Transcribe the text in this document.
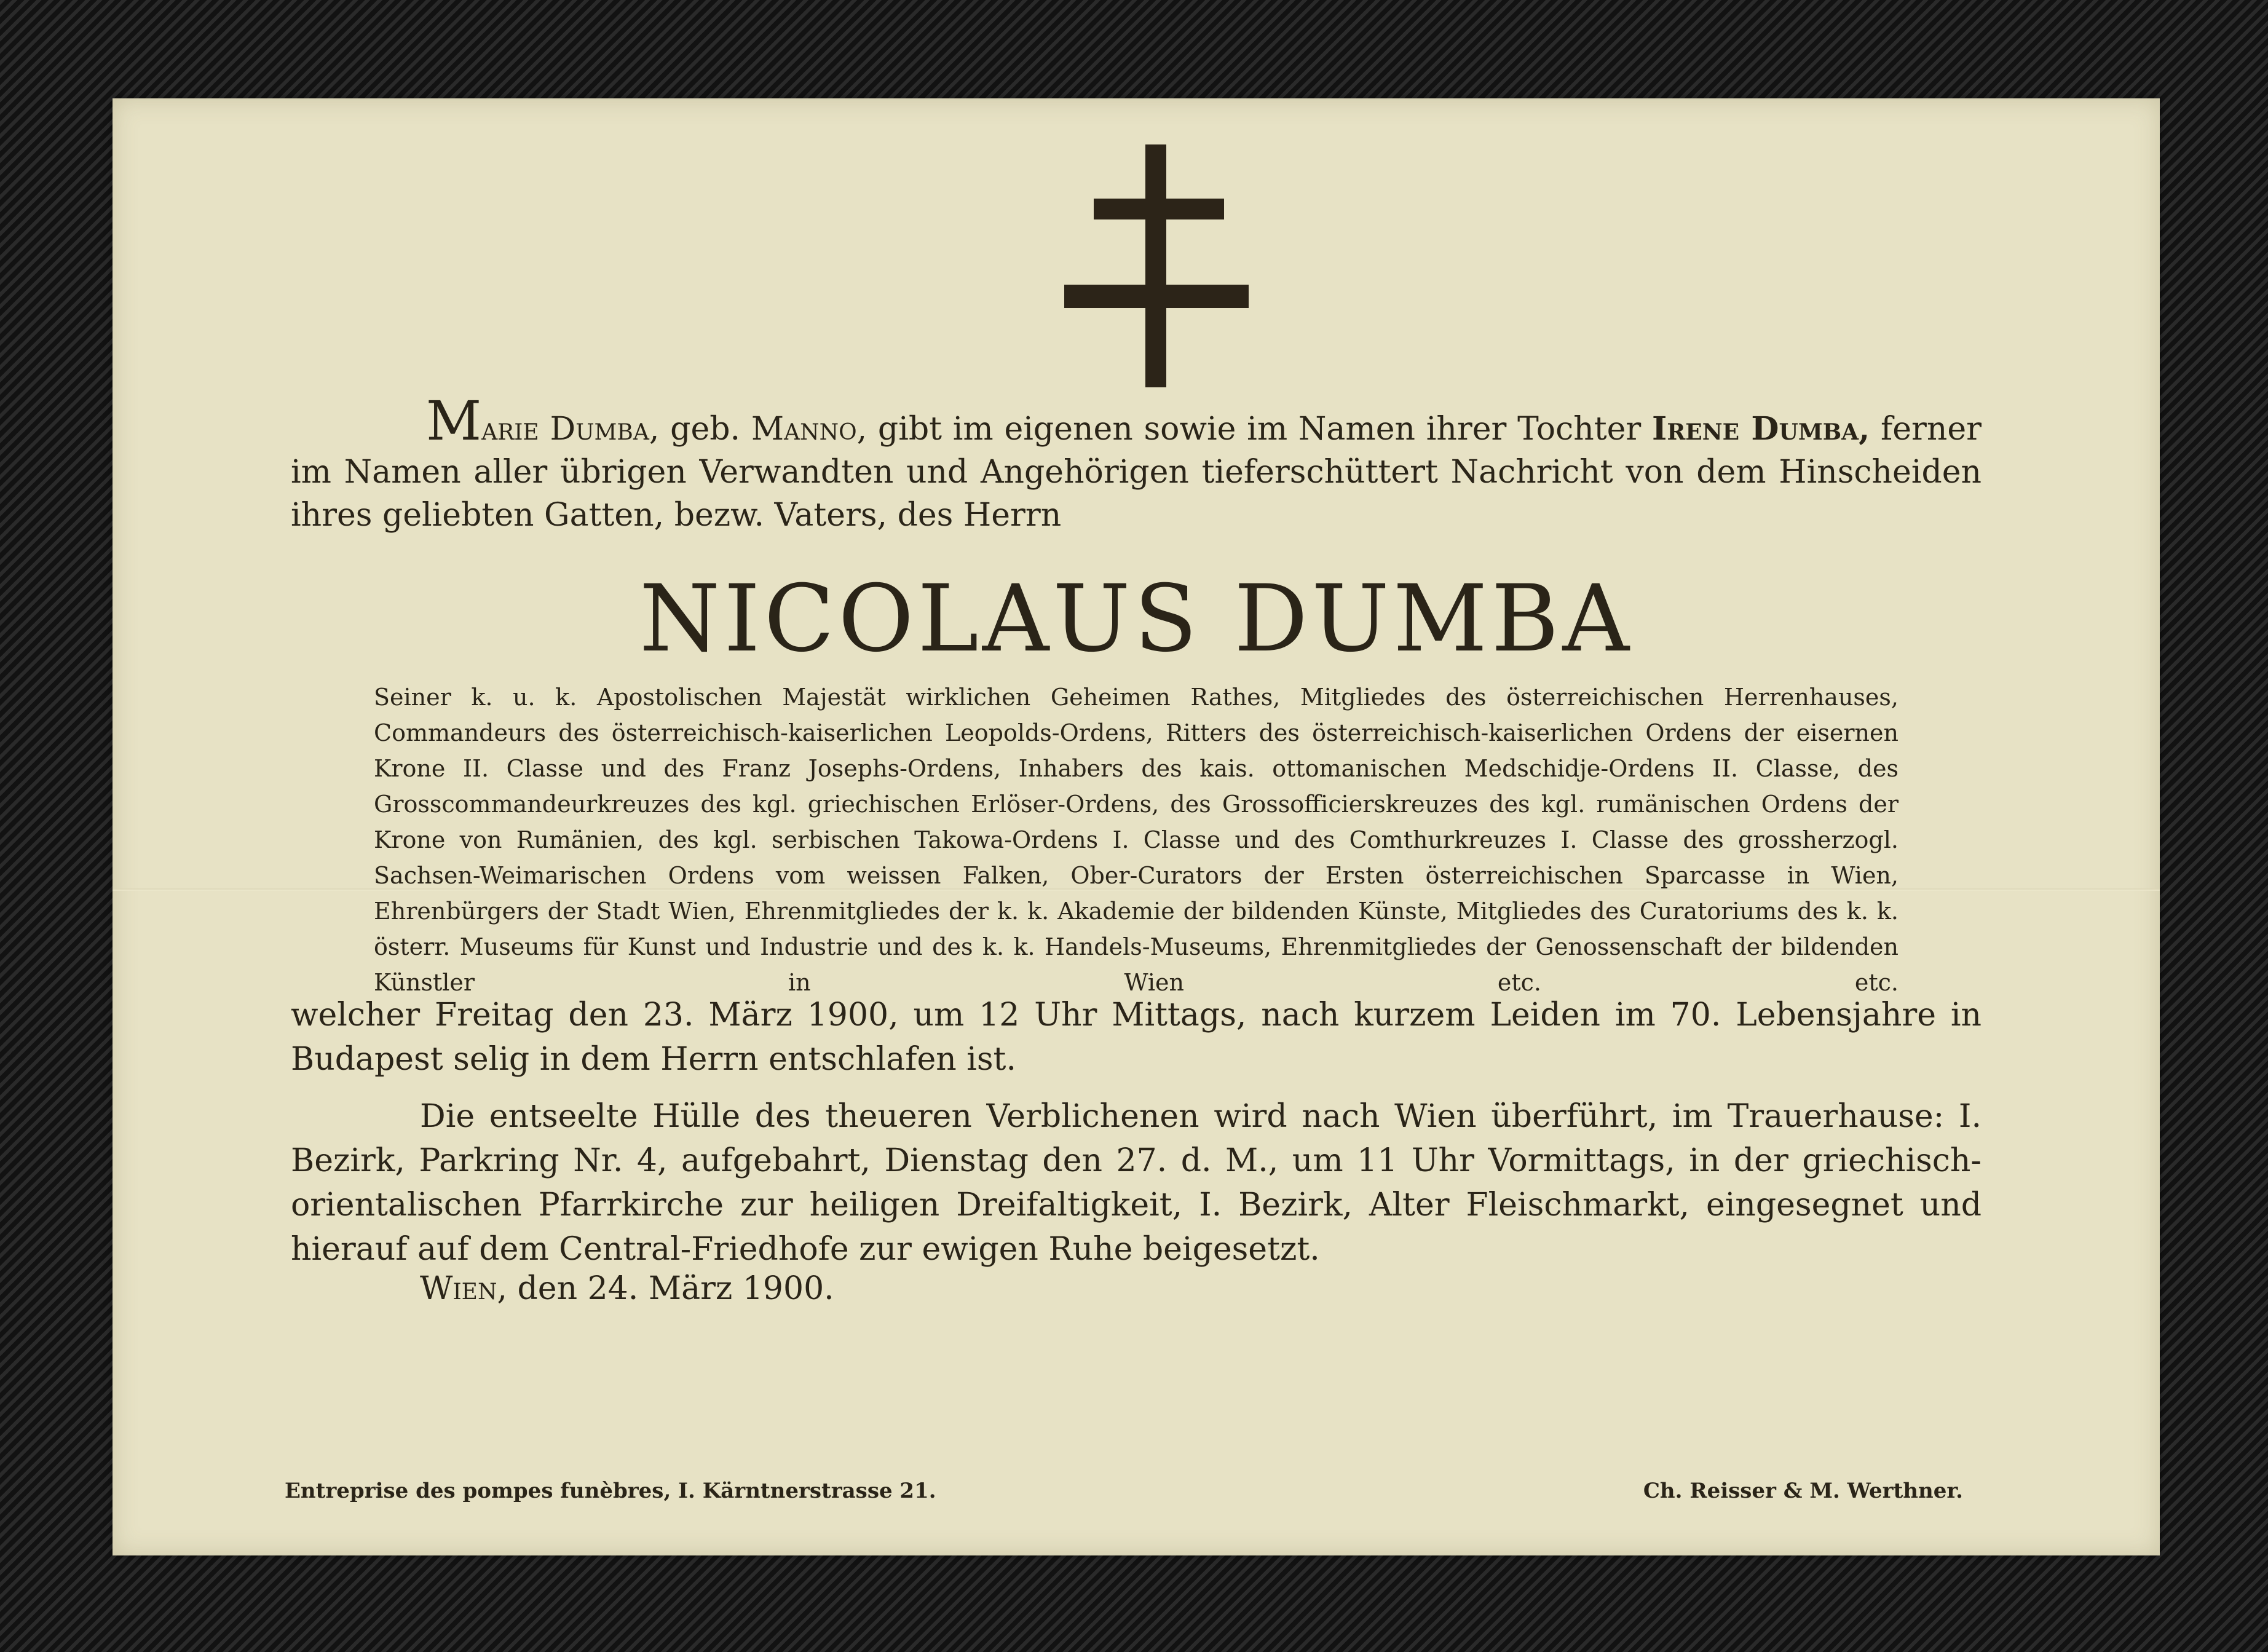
Marie Dumba, geb. Manno, gibt im eigenen sowie im Namen ihrer Tochter Irene Dumba, ferner im Namen aller übrigen Verwandten und Angehörigen tieferschüttert Nachricht von dem Hinscheiden ihres geliebten Gatten, bezw. Vaters, des Herrn
NICOLAUS DUMBA
Seiner k. u. k. Apostolischen Majestät wirklichen Geheimen Rathes, Mitgliedes des österreichischen Herrenhauses, Commandeurs des österreichisch-kaiserlichen Leopolds-Ordens, Ritters des österreichisch-kaiserlichen Ordens der eisernen Krone II. Classe und des Franz Josephs-Ordens, Inhabers des kais. ottomanischen Medschidje-Ordens II. Classe, des Grosscommandeurkreuzes des kgl. griechischen Erlöser-Ordens, des Grossofficierskreuzes des kgl. rumänischen Ordens der Krone von Rumänien, des kgl. serbischen Takowa-Ordens I. Classe und des Comthurkreuzes I. Classe des grossherzogl. Sachsen-Weimarischen Ordens vom weissen Falken, Ober-Curators der Ersten österreichischen Sparcasse in Wien, Ehrenbürgers der Stadt Wien, Ehrenmitgliedes der k. k. Akademie der bildenden Künste, Mitgliedes des Curatoriums des k. k. österr. Museums für Kunst und Industrie und des k. k. Handels-Museums, Ehrenmitgliedes der Genossenschaft der bildenden Künstler in Wien etc. etc.
welcher Freitag den 23. März 1900, um 12 Uhr Mittags, nach kurzem Leiden im 70. Lebensjahre in Budapest selig in dem Herrn entschlafen ist.
Die entseelte Hülle des theueren Verblichenen wird nach Wien überführt, im Trauerhause: I. Bezirk, Parkring Nr. 4, aufgebahrt, Dienstag den 27. d. M., um 11 Uhr Vormittags, in der griechisch-orientalischen Pfarrkirche zur heiligen Dreifaltigkeit, I. Bezirk, Alter Fleischmarkt, eingesegnet und hierauf auf dem Central-Friedhofe zur ewigen Ruhe beigesetzt.
Wien, den 24. März 1900.
Entreprise des pompes funèbres, I. Kärntnerstrasse 21.	Ch. Reisser & M. Werthner.
